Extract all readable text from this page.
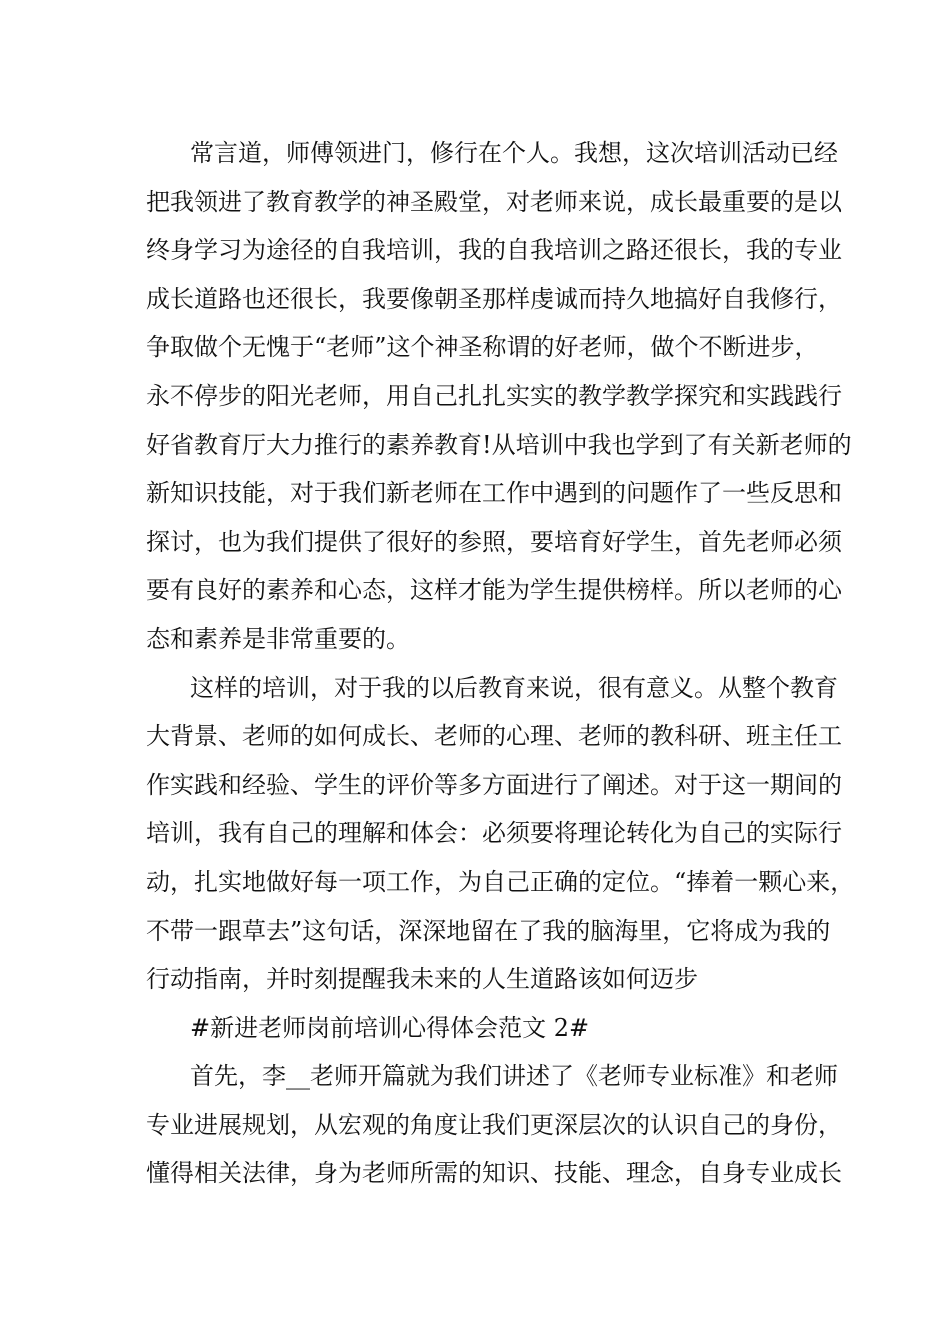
常言道，师傅领进门，修行在个人。我想，这次培训活动已经
把我领进了教育教学的神圣殿堂，对老师来说，成长最重要的是以
终身学习为途径的自我培训，我的自我培训之路还很长，我的专业
成长道路也还很长，我要像朝圣那样虔诚而持久地搞好自我修行，
争取做个无愧于“老师”这个神圣称谓的好老师，做个不断进步，
永不停步的阳光老师，用自己扎扎实实的教学教学探究和实践践行
好省教育厅大力推行的素养教育!从培训中我也学到了有关新老师的
新知识技能，对于我们新老师在工作中遇到的问题作了一些反思和
探讨，也为我们提供了很好的参照，要培育好学生，首先老师必须
要有良好的素养和心态，这样才能为学生提供榜样。所以老师的心
态和素养是非常重要的。
这样的培训，对于我的以后教育来说，很有意义。从整个教育
大背景、老师的如何成长、老师的心理、老师的教科研、班主任工
作实践和经验、学生的评价等多方面进行了阐述。对于这一期间的
培训，我有自己的理解和体会：必须要将理论转化为自己的实际行
动，扎实地做好每一项工作，为自己正确的定位。“捧着一颗心来，
不带一跟草去”这句话，深深地留在了我的脑海里，它将成为我的
行动指南，并时刻提醒我未来的人生道路该如何迈步
#新进老师岗前培训心得体会范文 2#
首先，李__老师开篇就为我们讲述了《老师专业标准》和老师
专业进展规划，从宏观的角度让我们更深层次的认识自己的身份，
懂得相关法律，身为老师所需的知识、技能、理念，自身专业成长
